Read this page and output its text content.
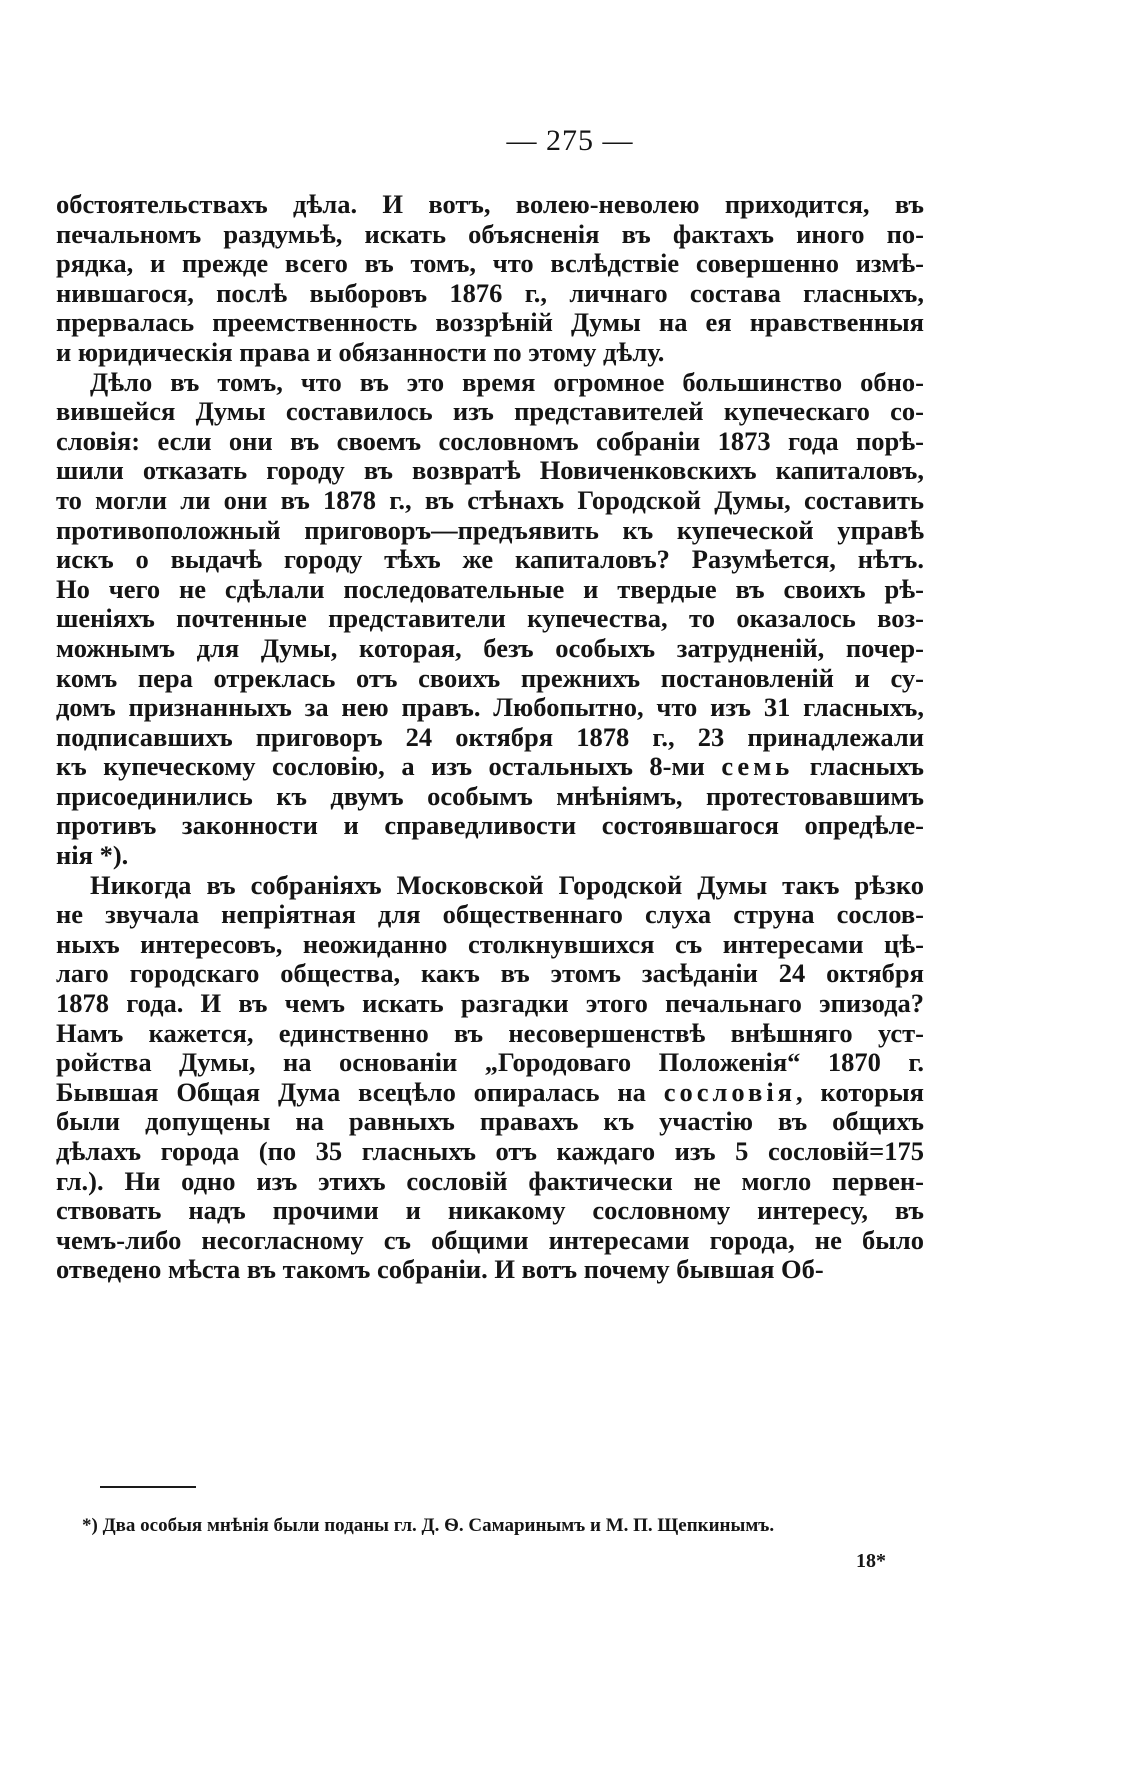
— 275 —
обстоятельствахъ дѣла. И вотъ, волею-неволею приходится, въ
печальномъ раздумьѣ, искать объясненія въ фактахъ иного по-
рядка, и прежде всего въ томъ, что вслѣдствіе совершенно измѣ-
нившагося, послѣ выборовъ 1876 г., личнаго состава гласныхъ,
прервалась преемственность воззрѣній Думы на ея нравственныя
и юридическія права и обязанности по этому дѣлу.
Дѣло въ томъ, что въ это время огромное большинство обно-
вившейся Думы составилось изъ представителей купеческаго со-
словія: если они въ своемъ сословномъ собраніи 1873 года порѣ-
шили отказать городу въ возвратѣ Новиченковскихъ капиталовъ,
то могли ли они въ 1878 г., въ стѣнахъ Городской Думы, составить
противоположный приговоръ—предъявить къ купеческой управѣ
искъ о выдачѣ городу тѣхъ же капиталовъ? Разумѣется, нѣтъ.
Но чего не сдѣлали последовательные и твердые въ своихъ рѣ-
шеніяхъ почтенные представители купечества, то оказалось воз-
можнымъ для Думы, которая, безъ особыхъ затрудненій, почер-
комъ пера отреклась отъ своихъ прежнихъ постановленій и су-
домъ признанныхъ за нею правъ. Любопытно, что изъ 31 гласныхъ,
подписавшихъ приговоръ 24 октября 1878 г., 23 принадлежали
къ купеческому сословію, а изъ остальныхъ 8-ми семь гласныхъ
присоединились къ двумъ особымъ мнѣніямъ, протестовавшимъ
противъ законности и справедливости состоявшагося опредѣле-
нія *).
Никогда въ собраніяхъ Московской Городской Думы такъ рѣзко
не звучала непріятная для общественнаго слуха струна сослов-
ныхъ интересовъ, неожиданно столкнувшихся съ интересами цѣ-
лаго городскаго общества, какъ въ этомъ засѣданіи 24 октября
1878 года. И въ чемъ искать разгадки этого печальнаго эпизода?
Намъ кажется, единственно въ несовершенствѣ внѣшняго уст-
ройства Думы, на основаніи „Городоваго Положенія“ 1870 г.
Бывшая Общая Дума всецѣло опиралась на сословія, которыя
были допущены на равныхъ правахъ къ участію въ общихъ
дѣлахъ города (по 35 гласныхъ отъ каждаго изъ 5 сословій=175
гл.). Ни одно изъ этихъ сословій фактически не могло первен-
ствовать надъ прочими и никакому сословному интересу, въ
чемъ-либо несогласному съ общими интересами города, не было
отведено мѣста въ такомъ собраніи. И вотъ почему бывшая Об-
*) Два особыя мнѣнія были поданы гл. Д. Ѳ. Самаринымъ и М. П. Щепкинымъ.
18*
